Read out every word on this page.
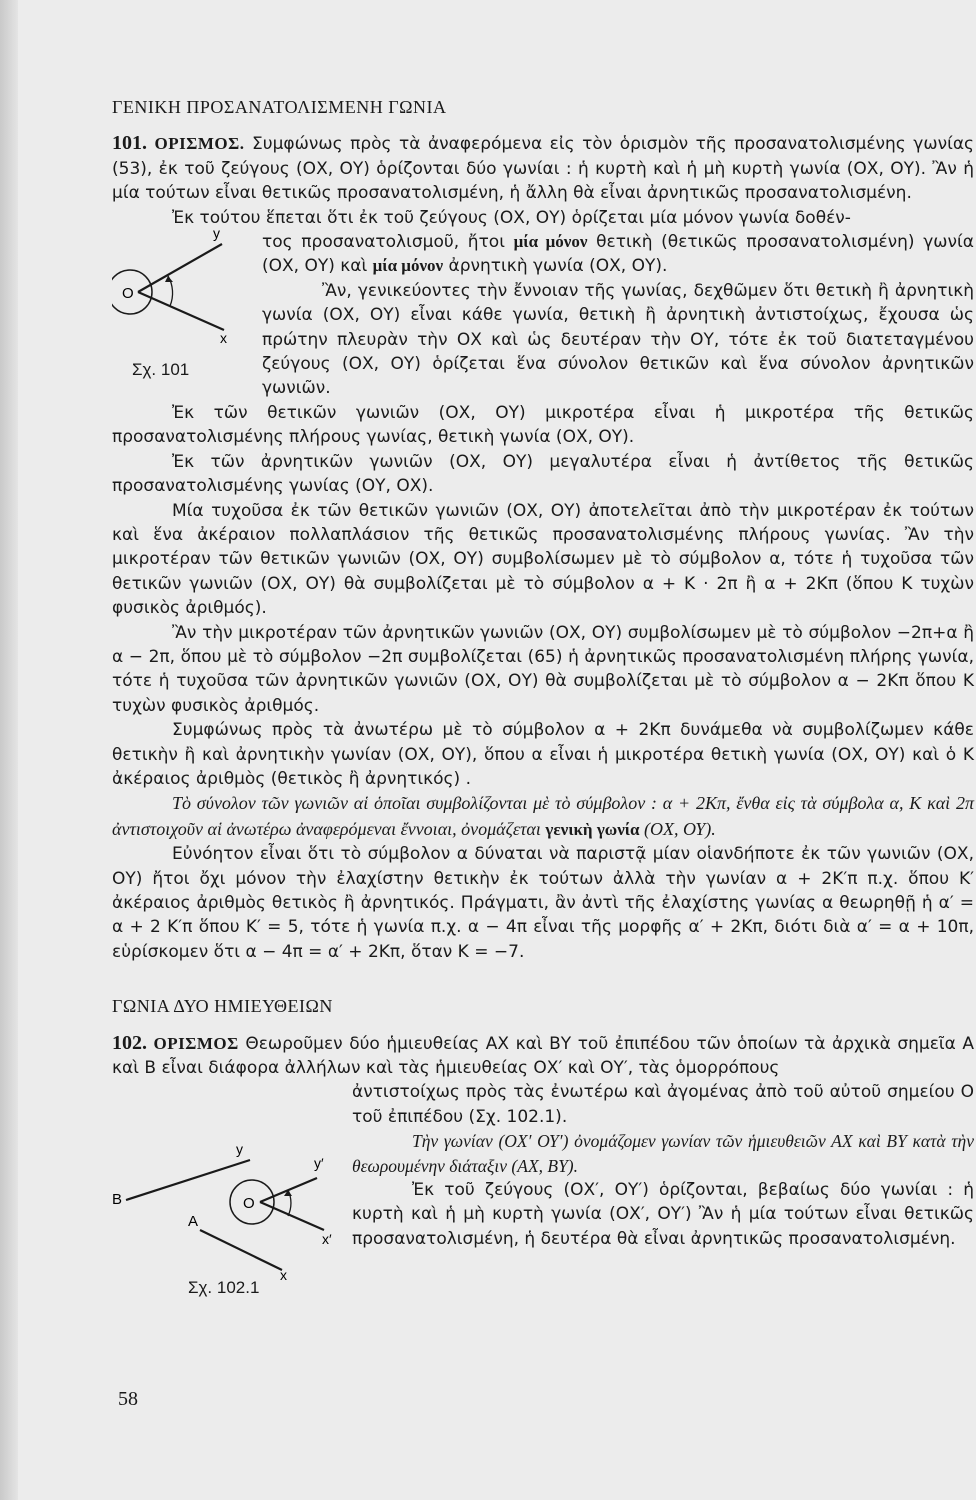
ΓΕΝΙΚΗ ΠΡΟΣΑΝΑΤΟΛΙΣΜΕΝΗ ΓΩΝΙΑ

101. ΟΡΙΣΜΟΣ. Συμφώνως πρὸς τὰ ἀναφερόμενα εἰς τὸν ὁρισμὸν τῆς προσανατολισμένης γωνίας (53), ἐκ τοῦ ζεύγους (ΟΧ, ΟΥ) ὁρίζονται δύο γωνίαι : ἡ κυρτὴ καὶ ἡ μὴ κυρτὴ γωνία (ΟΧ, ΟΥ). Ἂν ἡ μία τούτων εἶναι θετικῶς προσανατολισμένη, ἡ ἄλλη θὰ εἶναι ἀρνητικῶς προσανατολισμένη.

Ἐκ τούτου ἕπεται ὅτι ἐκ τοῦ ζεύγους (ΟΧ, ΟΥ) ὁρίζεται μία μόνον γωνία δοθέν-

O
y
x
Σχ. 101

τος προσανατολισμοῦ, ἤτοι μία μόνον θετικὴ (θετικῶς προσανατολισμένη) γωνία (ΟΧ, ΟΥ) καὶ μία μόνον ἀρνητικὴ γωνία (ΟΧ, ΟΥ).

Ἂν, γενικεύοντες τὴν ἔννοιαν τῆς γωνίας, δεχθῶμεν ὅτι θετικὴ ἢ ἀρνητικὴ γωνία (ΟΧ, ΟΥ) εἶναι κάθε γωνία, θετικὴ ἢ ἀρνητικὴ ἀντιστοίχως, ἔχουσα ὡς πρώτην πλευρὰν τὴν ΟΧ καὶ ὡς δευτέραν τὴν ΟΥ, τότε ἐκ τοῦ διατεταγμένου ζεύγους (ΟΧ, ΟΥ) ὁρίζεται ἕνα σύνολον θετικῶν καὶ ἕνα σύνολον ἀρνητικῶν γωνιῶν.

Ἐκ τῶν θετικῶν γωνιῶν (ΟΧ, ΟΥ) μικροτέρα εἶναι ἡ μικροτέρα τῆς θετικῶς προσανατολισμένης πλήρους γωνίας, θετικὴ γωνία (ΟΧ, ΟΥ).

Ἐκ τῶν ἀρνητικῶν γωνιῶν (ΟΧ, ΟΥ) μεγαλυτέρα εἶναι ἡ ἀντίθετος τῆς θετικῶς προσανατολισμένης γωνίας (ΟΥ, ΟΧ).

Μία τυχοῦσα ἐκ τῶν θετικῶν γωνιῶν (ΟΧ, ΟΥ) ἀποτελεῖται ἀπὸ τὴν μικροτέραν ἐκ τούτων καὶ ἕνα ἀκέραιον πολλαπλάσιον τῆς θετικῶς προσανατολισμένης πλήρους γωνίας. Ἂν τὴν μικροτέραν τῶν θετικῶν γωνιῶν (ΟΧ, ΟΥ) συμβολίσωμεν μὲ τὸ σύμβολον α, τότε ἡ τυχοῦσα τῶν θετικῶν γωνιῶν (ΟΧ, ΟΥ) θὰ συμβολίζεται μὲ τὸ σύμβολον α + Κ · 2π ἢ α + 2Κπ (ὅπου Κ τυχὼν φυσικὸς ἀριθμός).

Ἂν τὴν μικροτέραν τῶν ἀρνητικῶν γωνιῶν (ΟΧ, ΟΥ) συμβολίσωμεν μὲ τὸ σύμβολον −2π+α ἢ α − 2π, ὅπου μὲ τὸ σύμβολον −2π συμβολίζεται (65) ἡ ἀρνητικῶς προσανατολισμένη πλήρης γωνία, τότε ἡ τυχοῦσα τῶν ἀρνητικῶν γωνιῶν (ΟΧ, ΟΥ) θὰ συμβολίζεται μὲ τὸ σύμβολον α − 2Κπ ὅπου Κ τυχὼν φυσικὸς ἀριθμός.

Συμφώνως πρὸς τὰ ἀνωτέρω μὲ τὸ σύμβολον α + 2Κπ δυνάμεθα νὰ συμβολίζωμεν κάθε θετικὴν ἢ καὶ ἀρνητικὴν γωνίαν (ΟΧ, ΟΥ), ὅπου α εἶναι ἡ μικροτέρα θετικὴ γωνία (ΟΧ, ΟΥ) καὶ ὁ Κ ἀκέραιος ἀριθμὸς (θετικὸς ἢ ἀρνητικός) .

Τὸ σύνολον τῶν γωνιῶν αἱ ὁποῖαι συμβολίζονται μὲ τὸ σύμβολον : α + 2Κπ, ἔνθα εἰς τὰ σύμβολα α, Κ καὶ 2π ἀντιστοιχοῦν αἱ ἀνωτέρω ἀναφερόμεναι ἔννοιαι, ὀνομάζεται γενικὴ γωνία (ΟΧ, ΟΥ).

Εὐνόητον εἶναι ὅτι τὸ σύμβολον α δύναται νὰ παριστᾷ μίαν οἱανδήποτε ἐκ τῶν γωνιῶν (ΟΧ, ΟΥ) ἤτοι ὄχι μόνον τὴν ἐλαχίστην θετικὴν ἐκ τούτων ἀλλὰ τὴν γωνίαν α + 2Κ′π π.χ. ὅπου Κ′ ἀκέραιος ἀριθμὸς θετικὸς ἢ ἀρνητικός. Πράγματι, ἂν ἀντὶ τῆς ἐλαχίστης γωνίας α θεωρηθῇ ἡ α′ = α + 2 Κ′π ὅπου Κ′ = 5, τότε ἡ γωνία π.χ. α − 4π εἶναι τῆς μορφῆς α′ + 2Κπ, διότι διὰ α′ = α + 10π, εὑρίσκομεν ὅτι α − 4π = α′ + 2Κπ, ὅταν Κ = −7.

ΓΩΝΙΑ ΔΥΟ ΗΜΙΕΥΘΕΙΩΝ

102. ΟΡΙΣΜΟΣ Θεωροῦμεν δύο ἡμιευθείας ΑΧ καὶ ΒΥ τοῦ ἐπιπέδου τῶν ὁποίων τὰ ἀρχικὰ σημεῖα Α καὶ Β εἶναι διάφορα ἀλλήλων καὶ τὰς ἡμιευθείας ΟΧ′ καὶ ΟΥ′, τὰς ὁμορρόπους

B
A
O
y
y′
x′
x
Σχ. 102.1

ἀντιστοίχως πρὸς τὰς ἐνωτέρω καὶ ἀγομένας ἀπὸ τοῦ αὐτοῦ σημείου Ο τοῦ ἐπιπέδου (Σχ. 102.1).

Τὴν γωνίαν (ΟΧ′ ΟΥ′) ὀνομάζομεν γωνίαν τῶν ἡμιευθειῶν ΑΧ καὶ ΒΥ κατὰ τὴν θεωρουμένην διάταξιν (ΑΧ, ΒΥ).

Ἐκ τοῦ ζεύγους (ΟΧ′, ΟΥ′) ὁρίζονται, βεβαίως δύο γωνίαι : ἡ κυρτὴ καὶ ἡ μὴ κυρτὴ γωνία (ΟΧ′, ΟΥ′) Ἂν ἡ μία τούτων εἶναι θετικῶς προσανατολισμένη, ἡ δευτέρα θὰ εἶναι ἀρνητικῶς προσανατολισμένη.

58
